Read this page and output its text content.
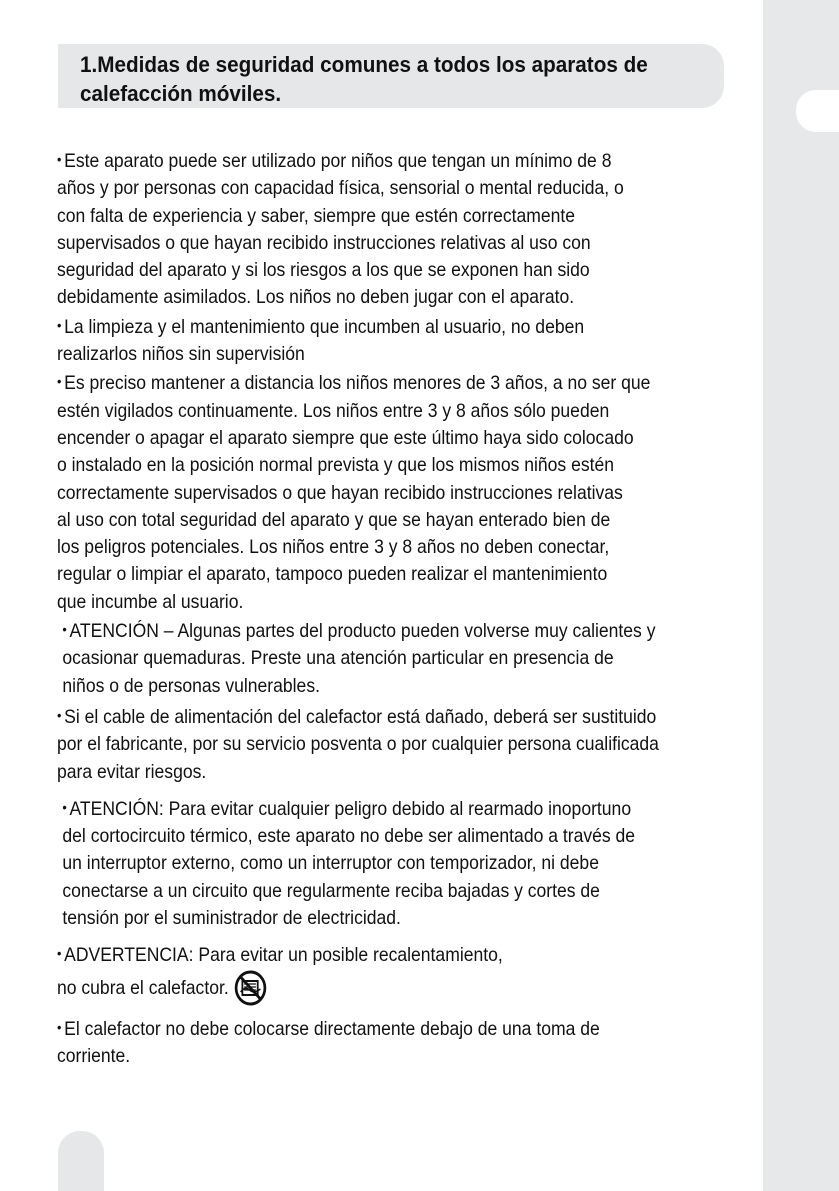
1.Medidas de seguridad comunes a todos los aparatos de
calefacción móviles.
• Este aparato puede ser utilizado por niños que tengan un mínimo de 8
años y por personas con capacidad física, sensorial o mental reducida, o
con falta de experiencia y saber, siempre que estén correctamente
supervisados o que hayan recibido instrucciones relativas al uso con
seguridad del aparato y si los riesgos a los que se exponen han sido
debidamente asimilados. Los niños no deben jugar con el aparato.
• La limpieza y el mantenimiento que incumben al usuario, no deben
realizarlos niños sin supervisión
• Es preciso mantener a distancia los niños menores de 3 años, a no ser que
estén vigilados continuamente. Los niños entre 3 y 8 años sólo pueden
encender o apagar el aparato siempre que este último haya sido colocado
o instalado en la posición normal prevista y que los mismos niños estén
correctamente supervisados o que hayan recibido instrucciones relativas
al uso con total seguridad del aparato y que se hayan enterado bien de
los peligros potenciales. Los niños entre 3 y 8 años no deben conectar,
regular o limpiar el aparato, tampoco pueden realizar el mantenimiento
que incumbe al usuario.
• ATENCIÓN – Algunas partes del producto pueden volverse muy calientes y
ocasionar quemaduras. Preste una atención particular en presencia de
niños o de personas vulnerables.
• Si el cable de alimentación del calefactor está dañado, deberá ser sustituido
por el fabricante, por su servicio posventa o por cualquier persona cualificada
para evitar riesgos.
• ATENCIÓN: Para evitar cualquier peligro debido al rearmado inoportuno
del cortocircuito térmico, este aparato no debe ser alimentado a través de
un interruptor externo, como un interruptor con temporizador, ni debe
conectarse a un circuito que regularmente reciba bajadas y cortes de
tensión por el suministrador de electricidad.
• ADVERTENCIA: Para evitar un posible recalentamiento,
no cubra el calefactor.
• El calefactor no debe colocarse directamente debajo de una toma de
corriente.
